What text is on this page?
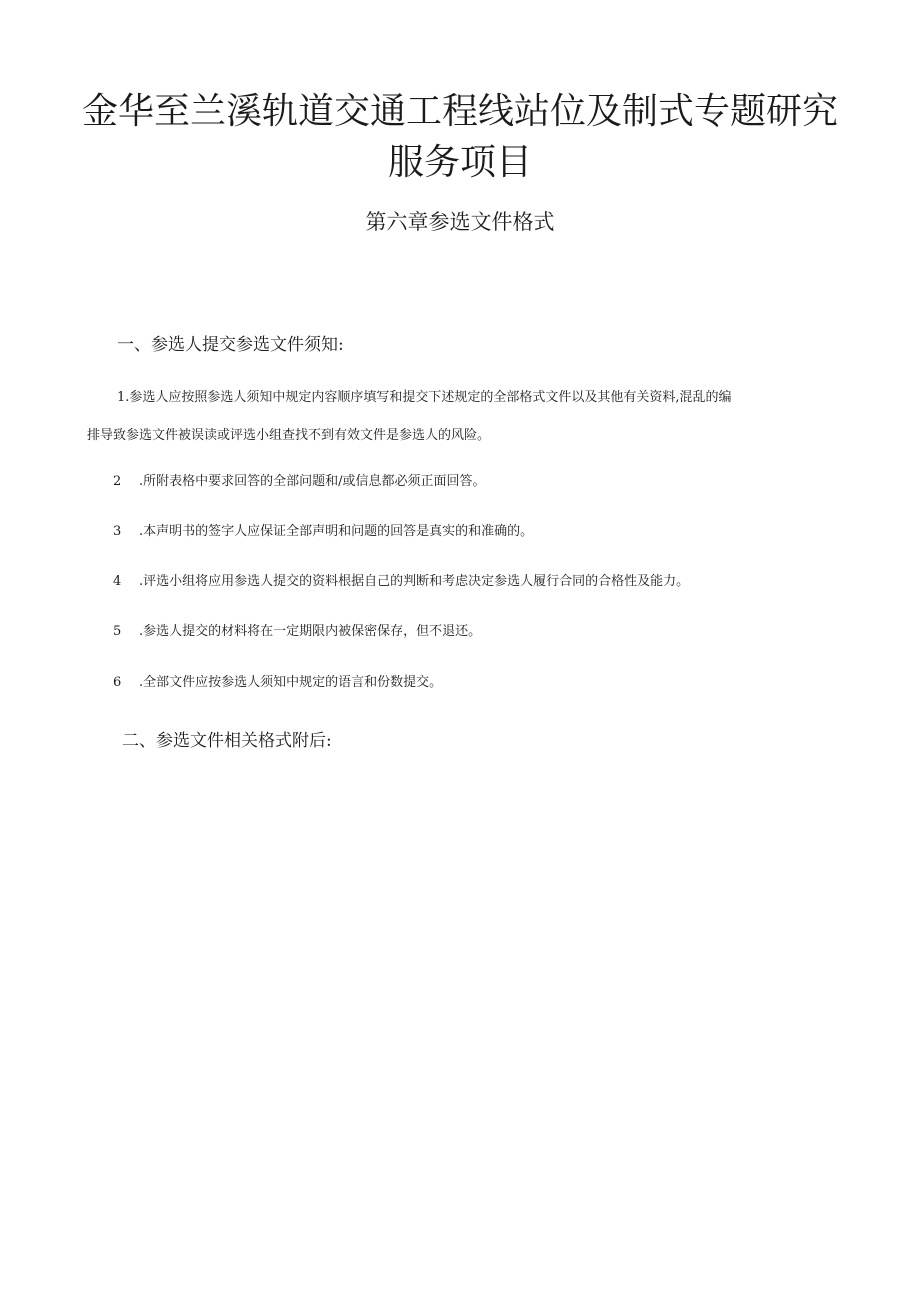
金华至兰溪轨道交通工程线站位及制式专题研究
服务项目
第六章参选文件格式
一、参选人提交参选文件须知:

1.参选人应按照参选人须知中规定内容顺序填写和提交下述规定的全部格式文件以及其他有关资料,混乱的编

排导致参选文件被误读或评选小组查找不到有效文件是参选人的风险。

2 .所附表格中要求回答的全部问题和/或信息都必须正面回答。
3 .本声明书的签字人应保证全部声明和问题的回答是真实的和准确的。
4 .评选小组将应用参选人提交的资料根据自己的判断和考虑决定参选人履行合同的合格性及能力。
5 .参选人提交的材料将在一定期限内被保密保存，但不退还。
6 .全部文件应按参选人须知中规定的语言和份数提交。
二、参选文件相关格式附后:
